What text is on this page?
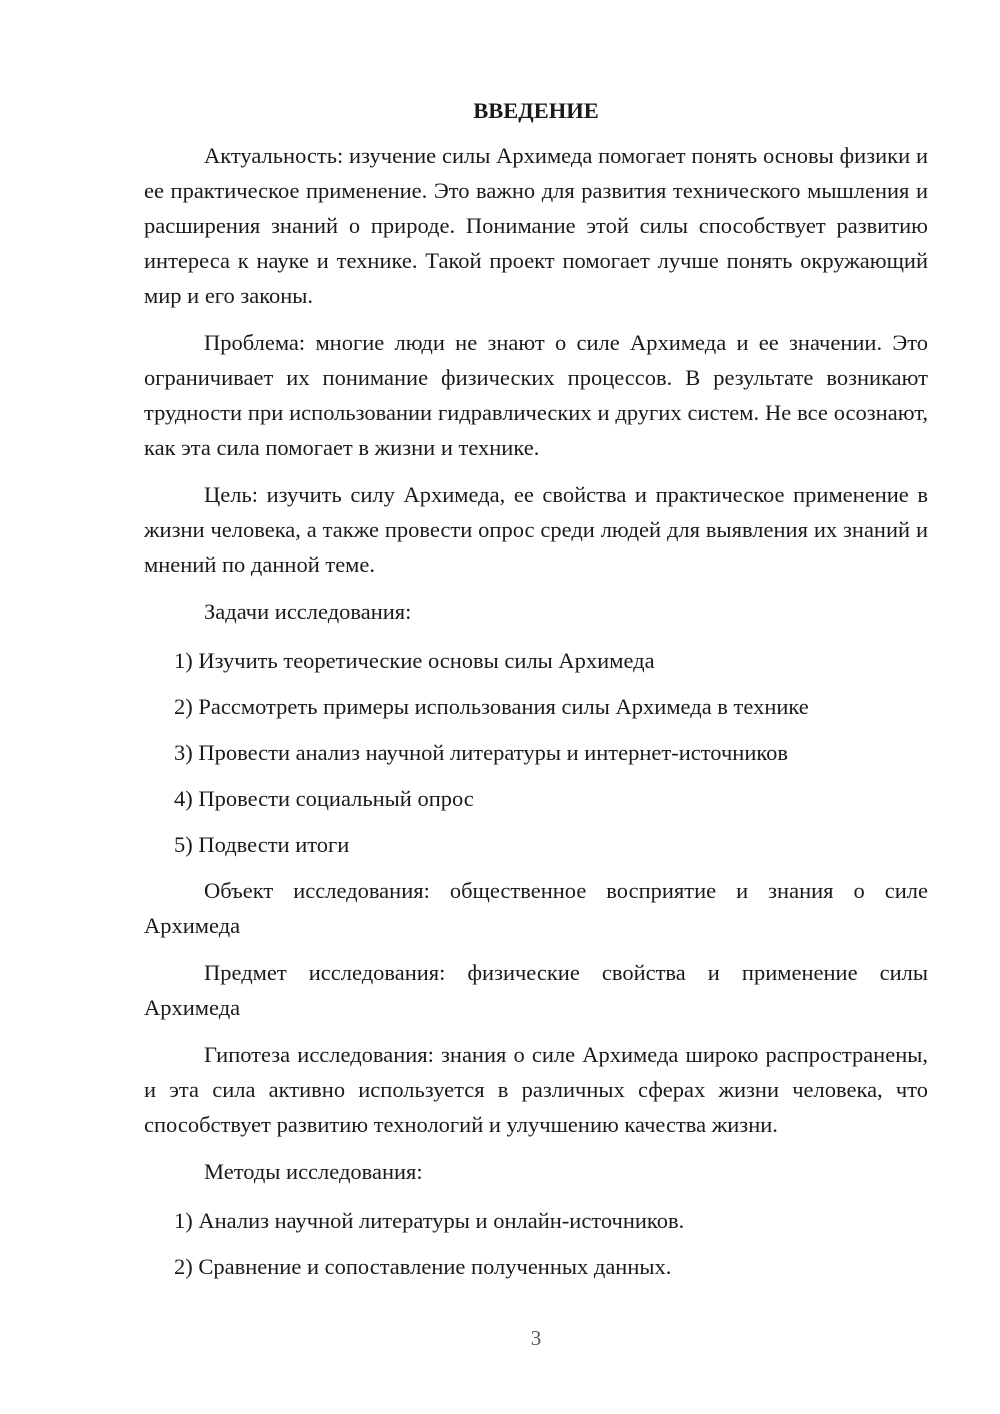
ВВЕДЕНИЕ

Актуальность: изучение силы Архимеда помогает понять основы физики и ее практическое применение. Это важно для развития технического мышления и расширения знаний о природе. Понимание этой силы способствует развитию интереса к науке и технике. Такой проект помогает лучше понять окружающий мир и его законы.

Проблема: многие люди не знают о силе Архимеда и ее значении. Это ограничивает их понимание физических процессов. В результате возникают трудности при использовании гидравлических и других систем. Не все осознают, как эта сила помогает в жизни и технике.

Цель: изучить силу Архимеда, ее свойства и практическое применение в жизни человека, а также провести опрос среди людей для выявления их знаний и мнений по данной теме.

Задачи исследования:

1) Изучить теоретические основы силы Архимеда

2) Рассмотреть примеры использования силы Архимеда в технике

3) Провести анализ научной литературы и интернет-источников

4) Провести социальный опрос

5) Подвести итоги

Объект исследования: общественное восприятие и знания о силе Архимеда

Предмет исследования: физические свойства и применение силы Архимеда

Гипотеза исследования: знания о силе Архимеда широко распространены, и эта сила активно используется в различных сферах жизни человека, что способствует развитию технологий и улучшению качества жизни.

Методы исследования:

1) Анализ научной литературы и онлайн-источников.

2) Сравнение и сопоставление полученных данных.

3
